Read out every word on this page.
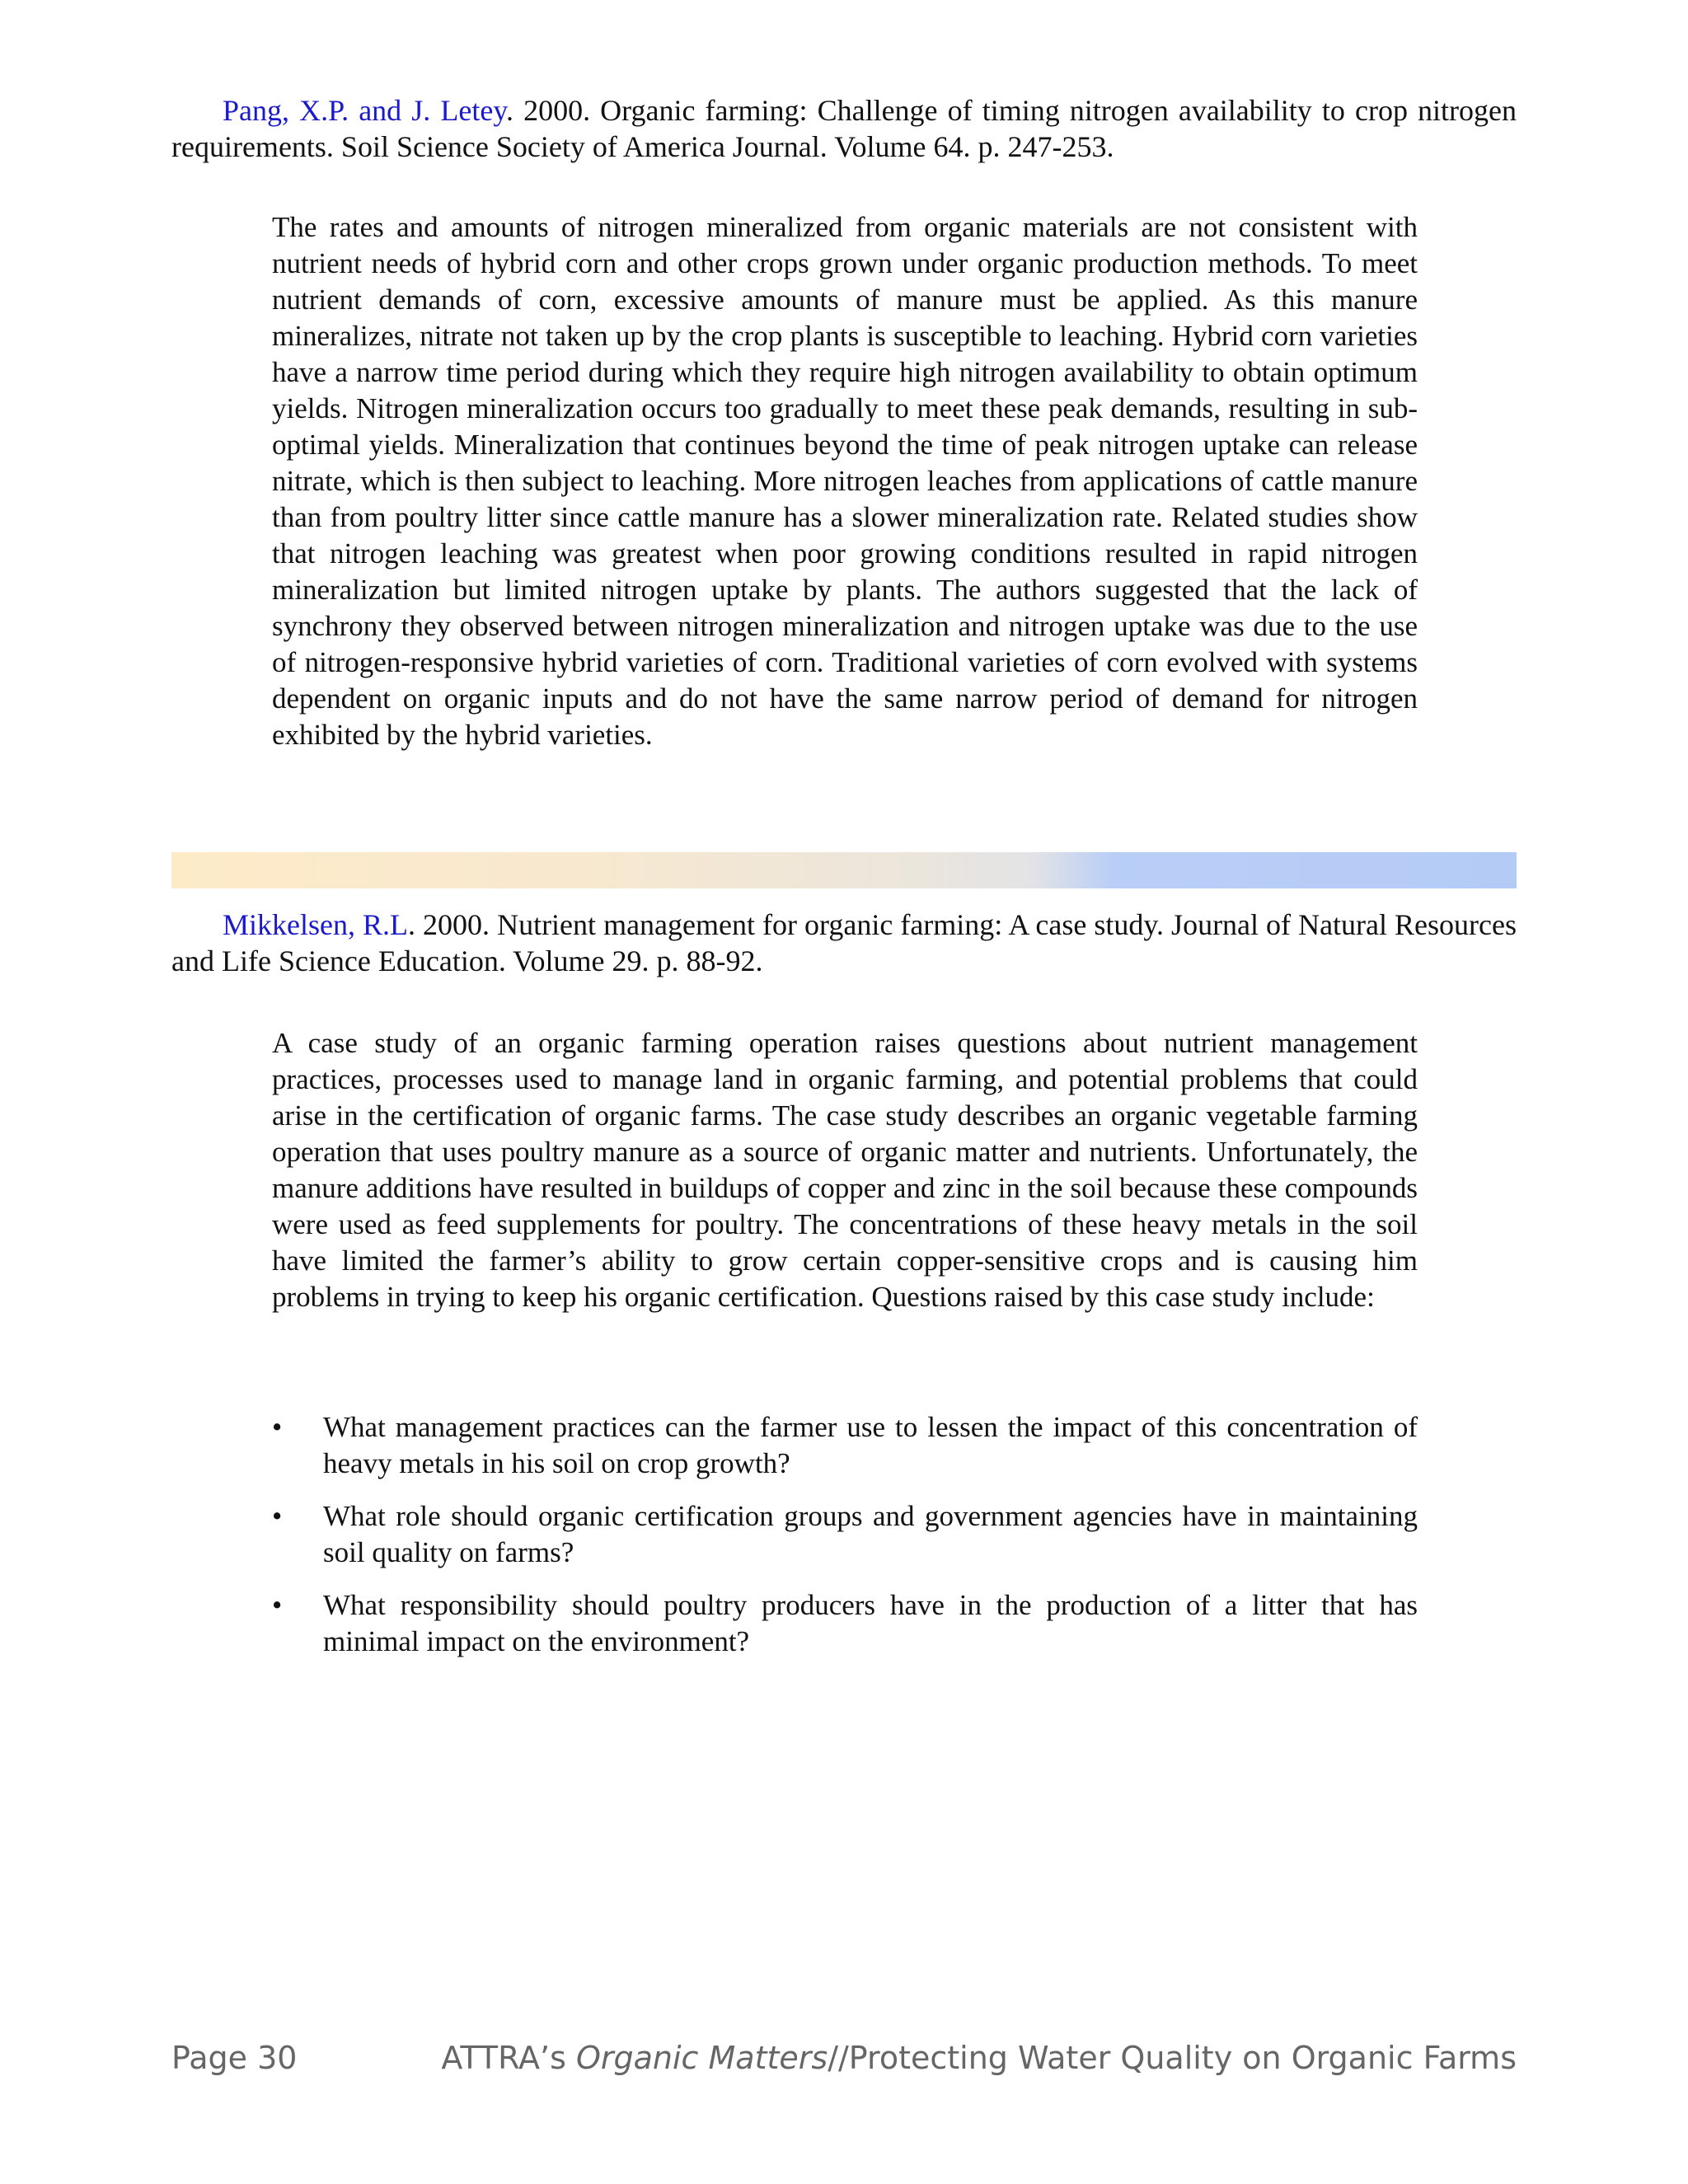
Pang, X.P. and J. Letey. 2000. Organic farming: Challenge of timing nitrogen availability to crop nitrogen requirements. Soil Science Society of America Journal. Volume 64. p. 247-253.

The rates and amounts of nitrogen mineralized from organic materials are not consistent with nutrient needs of hybrid corn and other crops grown under organic production methods. To meet nutrient demands of corn, excessive amounts of manure must be applied. As this manure mineralizes, nitrate not taken up by the crop plants is susceptible to leaching. Hybrid corn varieties have a narrow time period during which they require high nitrogen availability to obtain optimum yields. Nitrogen mineralization occurs too gradually to meet these peak demands, resulting in sub-optimal yields. Mineralization that continues beyond the time of peak nitrogen uptake can release nitrate, which is then subject to leaching. More nitrogen leaches from applications of cattle manure than from poultry litter since cattle manure has a slower mineralization rate. Related studies show that nitrogen leaching was greatest when poor growing conditions resulted in rapid nitrogen mineralization but limited nitrogen uptake by plants. The authors suggested that the lack of synchrony they observed between nitrogen mineralization and nitrogen uptake was due to the use of nitrogen-responsive hybrid varieties of corn. Traditional varieties of corn evolved with systems dependent on organic inputs and do not have the same narrow period of demand for nitrogen exhibited by the hybrid varieties.

Mikkelsen, R.L. 2000. Nutrient management for organic farming: A case study. Journal of Natural Resources and Life Science Education. Volume 29. p. 88-92.

A case study of an organic farming operation raises questions about nutrient management practices, processes used to manage land in organic farming, and potential problems that could arise in the certification of organic farms. The case study describes an organic vegetable farming operation that uses poultry manure as a source of organic matter and nutrients. Unfortunately, the manure additions have resulted in buildups of copper and zinc in the soil because these compounds were used as feed supplements for poultry. The concentrations of these heavy metals in the soil have limited the farmer’s ability to grow certain copper-sensitive crops and is causing him problems in trying to keep his organic certification. Questions raised by this case study include:

• What management practices can the farmer use to lessen the impact of this concentration of heavy metals in his soil on crop growth?
• What role should organic certification groups and government agencies have in maintaining soil quality on farms?
• What responsibility should poultry producers have in the production of a litter that has minimal impact on the environment?
Page 30	ATTRA’s Organic Matters//Protecting Water Quality on Organic Farms
